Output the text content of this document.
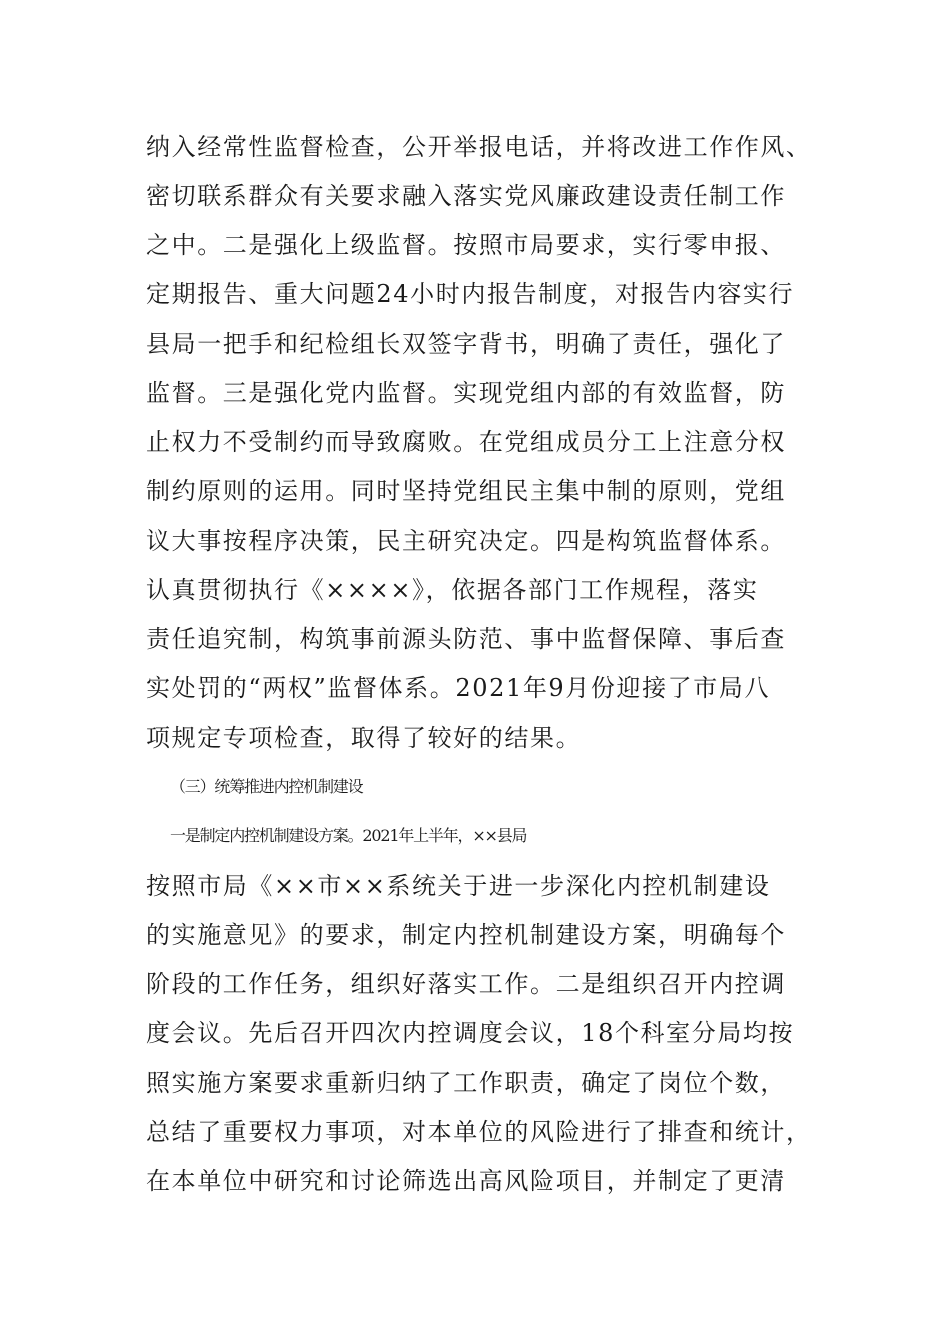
纳入经常性监督检查，公开举报电话，并将改进工作作风、
密切联系群众有关要求融入落实党风廉政建设责任制工作
之中。二是强化上级监督。按照市局要求，实行零申报、
定期报告、重大问题24小时内报告制度，对报告内容实行
县局一把手和纪检组长双签字背书，明确了责任，强化了
监督。三是强化党内监督。实现党组内部的有效监督，防
止权力不受制约而导致腐败。在党组成员分工上注意分权
制约原则的运用。同时坚持党组民主集中制的原则，党组
议大事按程序决策，民主研究决定。四是构筑监督体系。
认真贯彻执行《××××》，依据各部门工作规程，落实
责任追究制，构筑事前源头防范、事中监督保障、事后查
实处罚的“两权”监督体系。2021年9月份迎接了市局八
项规定专项检查，取得了较好的结果。
（三）统筹推进内控机制建设
一是制定内控机制建设方案。2021年上半年，××县局
按照市局《××市××系统关于进一步深化内控机制建设
的实施意见》的要求，制定内控机制建设方案，明确每个
阶段的工作任务，组织好落实工作。二是组织召开内控调
度会议。先后召开四次内控调度会议，18个科室分局均按
照实施方案要求重新归纳了工作职责，确定了岗位个数，
总结了重要权力事项，对本单位的风险进行了排查和统计，
在本单位中研究和讨论筛选出高风险项目，并制定了更清
